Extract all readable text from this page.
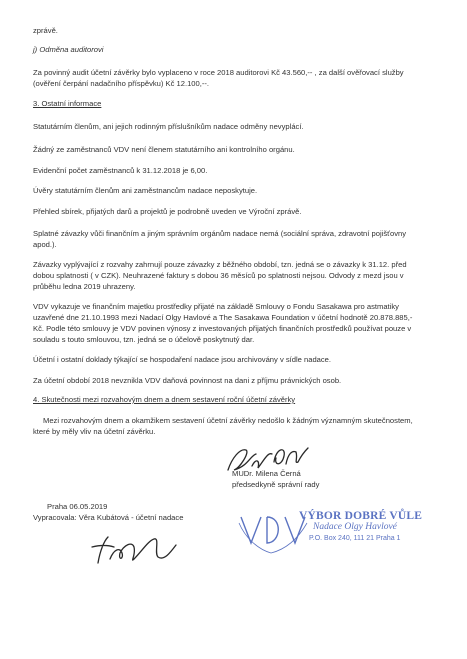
zprávě.

j) Odměna auditorovi

Za povinný audit účetní závěrky bylo vyplaceno v roce 2018 auditorovi Kč 43.560,-- , za další ověřovací služby

(ověření čerpání nadačního příspěvku) Kč 12.100,--.

3. Ostatní informace

Statutárním členům, ani jejich rodinným příslušníkům nadace odměny nevyplácí.

Žádný ze zaměstnanců VDV není členem statutárního ani kontrolního orgánu.

Evidenční počet zaměstnanců k 31.12.2018 je 6,00.

Úvěry statutárním členům ani zaměstnancům nadace neposkytuje.

Přehled sbírek, přijatých darů a projektů je podrobně uveden ve Výroční zprávě.

Splatné závazky vůči finančním a jiným správním orgánům nadace nemá (sociální správa, zdravotní pojišťovny

apod.).

Závazky vyplývající z rozvahy zahrnují pouze závazky z běžného období, tzn. jedná se o závazky k 31.12. před

dobou splatnosti ( v CZK). Neuhrazené faktury s dobou 36 měsíců po splatnosti nejsou. Odvody z mezd jsou v

průběhu ledna 2019 uhrazeny.

VDV vykazuje ve finančním majetku prostředky přijaté na základě Smlouvy o Fondu Sasakawa pro astmatiky

uzavřené dne 21.10.1993 mezi Nadací Olgy Havlové a The Sasakawa Foundation v účetní hodnotě 20.878.885,-

Kč. Podle této smlouvy je VDV povinen výnosy z investovaných přijatých finančních prostředků používat pouze v

souladu s touto smlouvou, tzn. jedná se o účelově poskytnutý dar.

Účetní i ostatní doklady týkající se hospodaření nadace jsou archivovány v sídle nadace.

Za účetní období 2018 nevznikla VDV daňová povinnost na dani z příjmu právnických osob.

4. Skutečnosti mezi rozvahovým dnem a dnem sestavení roční účetní závěrky

Mezi rozvahovým dnem a okamžikem sestavení účetní závěrky nedošlo k žádným významným skutečnostem,

které by měly vliv na účetní závěrku.

MUDr. Milena Černá

předsedkyně správní rady

Praha 06.05.2019

Vypracovala: Věra Kubátová - účetní nadace	VÝBOR DOBRÉ VŮLE
Nadace Olgy Havlové
P.O. Box 240, 111 21 Praha 1
